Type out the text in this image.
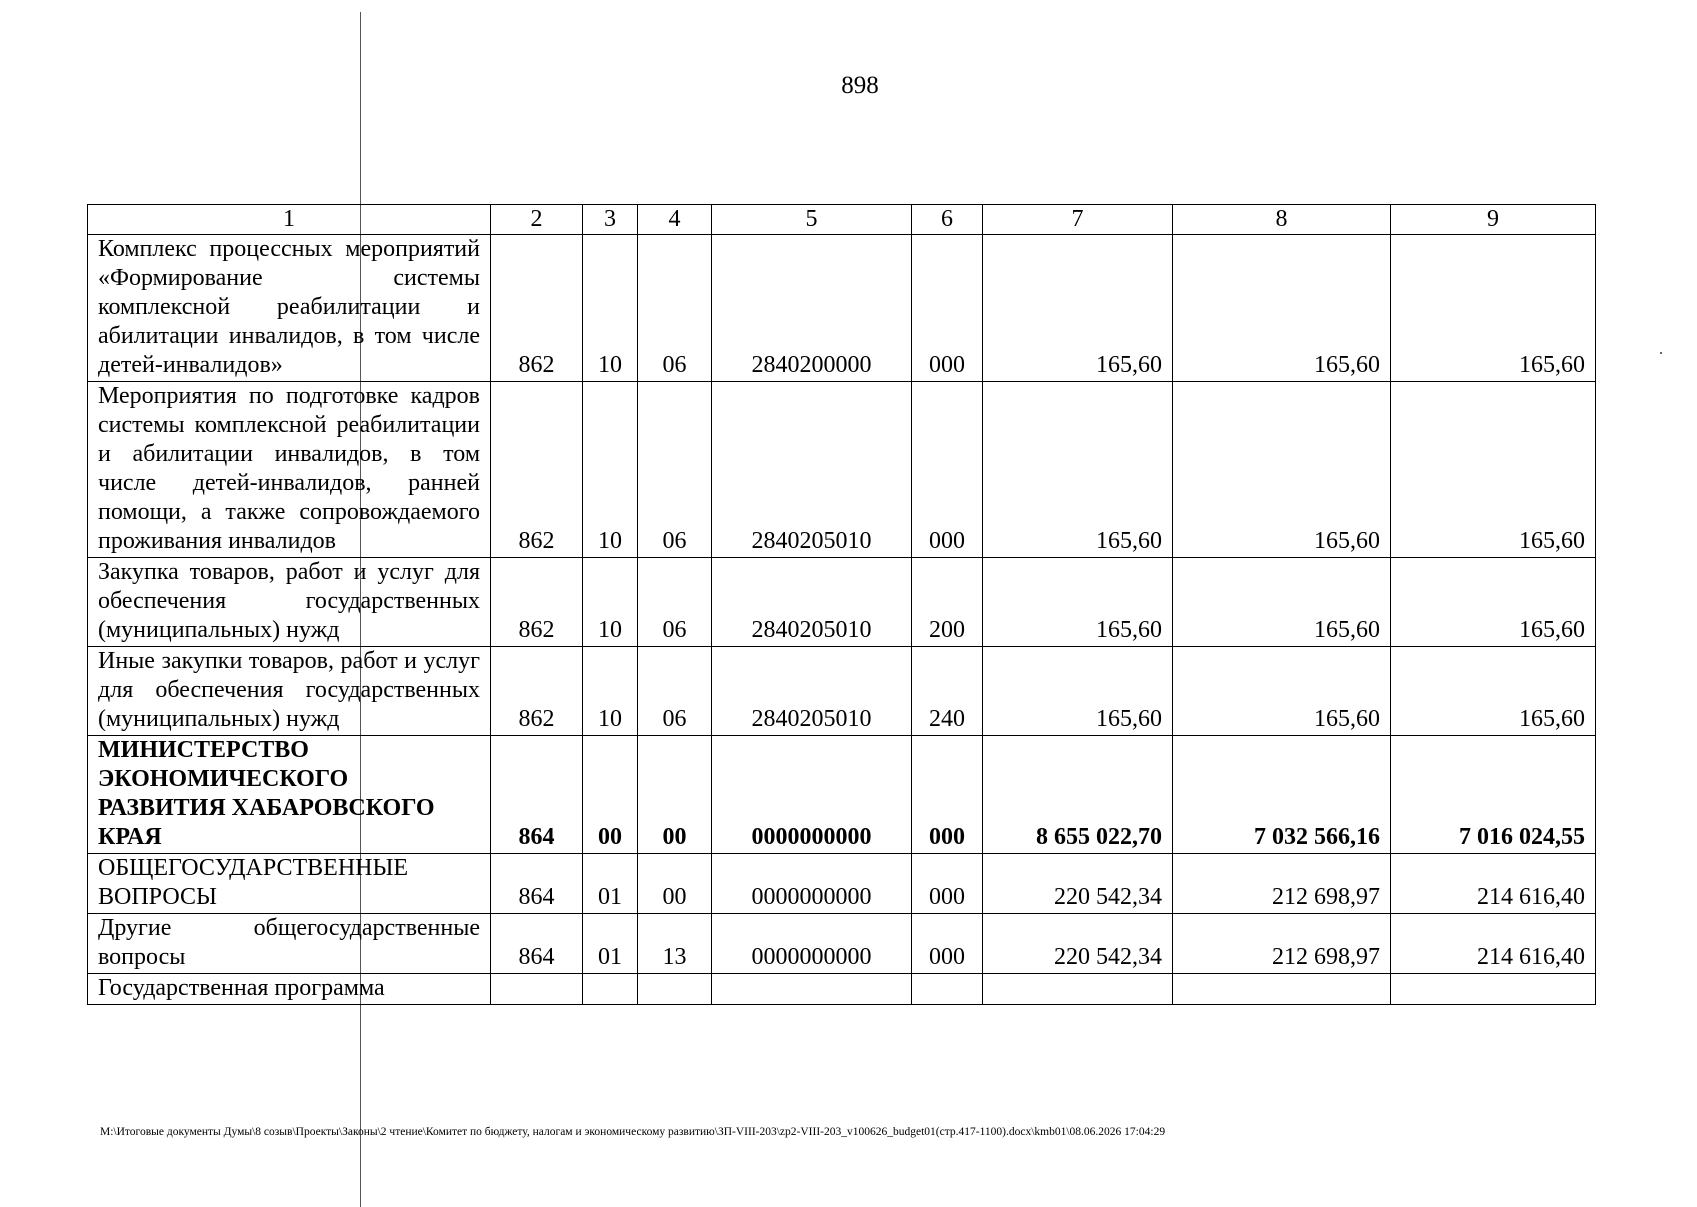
898
1	2	3	4	5	6	7	8	9
Комплекс процессных мероприятий «Формирование системы комплексной реабилитации и абилитации инвалидов, в том числе детей-инвалидов»	862	10	06	2840200000	000	165,60	165,60	165,60
Мероприятия по подготовке кадров системы комплексной реабилитации и абилитации инвалидов, в том числе детей-инвалидов, ранней помощи, а также сопровождаемого проживания инвалидов	862	10	06	2840205010	000	165,60	165,60	165,60
Закупка товаров, работ и услуг для обеспечения государственных (муниципальных) нужд	862	10	06	2840205010	200	165,60	165,60	165,60
Иные закупки товаров, работ и услуг для обеспечения государственных (муниципальных) нужд	862	10	06	2840205010	240	165,60	165,60	165,60
МИНИСТЕРСТВО ЭКОНОМИЧЕСКОГО РАЗВИТИЯ ХАБАРОВСКОГО КРАЯ	864	00	00	0000000000	000	8 655 022,70	7 032 566,16	7 016 024,55
ОБЩЕГОСУДАРСТВЕННЫЕ ВОПРОСЫ	864	01	00	0000000000	000	220 542,34	212 698,97	214 616,40
Другие общегосударственные вопросы	864	01	13	0000000000	000	220 542,34	212 698,97	214 616,40
Государственная программа								
М:\Итоговые документы Думы\8 созыв\Проекты\Законы\2 чтение\Комитет по бюджету, налогам и экономическому развитию\ЗП-VIII-203\zp2-VIII-203_v100626_budget01(стр.417-1100).docx\kmb01\08.06.2026 17:04:29
